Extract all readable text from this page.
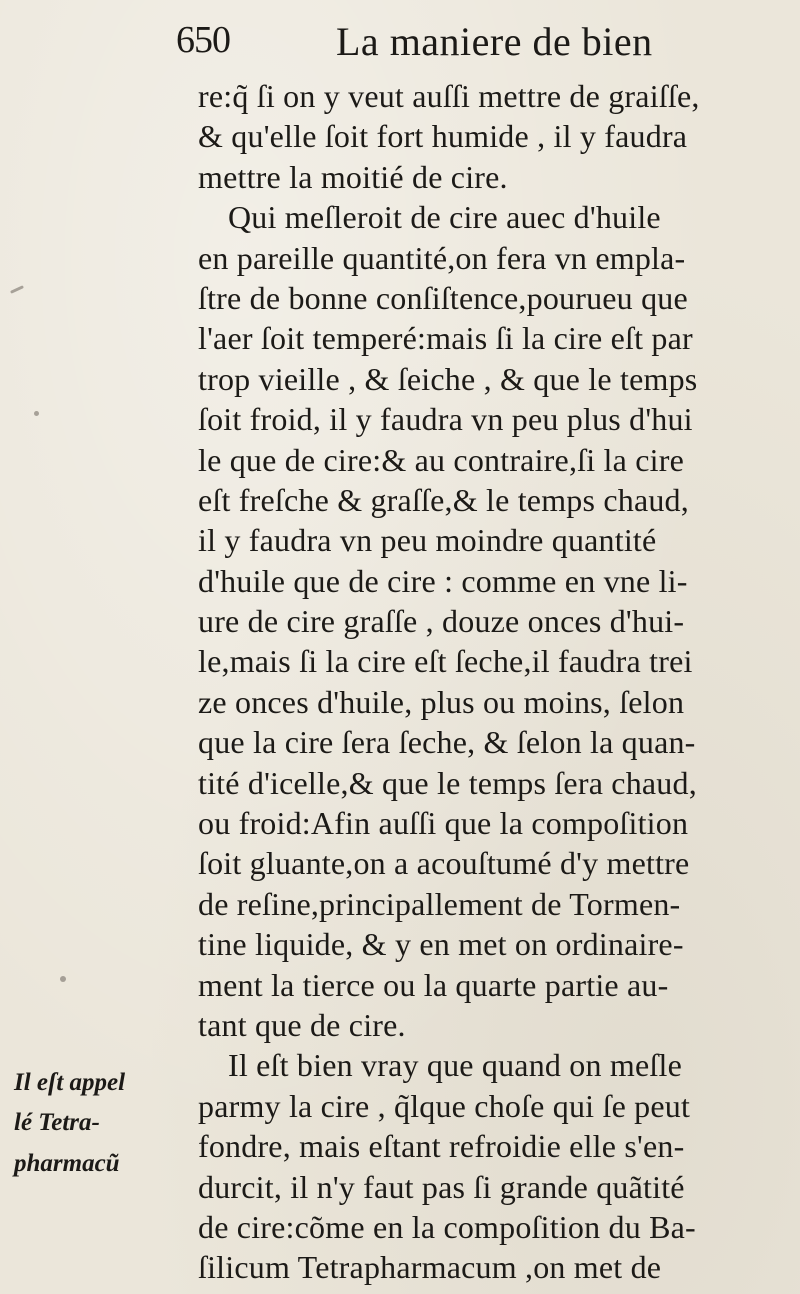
650	La maniere de bien
re:q̃ ſi on y veut auſſi mettre de graiſſe,
& qu'elle ſoit fort humide , il y faudra
mettre la moitié de cire.
Qui meſleroit de cire auec d'huile
en pareille quantité,on fera vn empla-
ſtre de bonne conſiſtence,pourueu que
l'aer ſoit temperé:mais ſi la cire eſt par
trop vieille , & ſeiche , & que le temps
ſoit froid, il y faudra vn peu plus d'hui
le que de cire:& au contraire,ſi la cire
eſt freſche & graſſe,& le temps chaud,
il y faudra vn peu moindre quantité
d'huile que de cire : comme en vne li-
ure de cire graſſe , douze onces d'hui-
le,mais ſi la cire eſt ſeche,il faudra trei
ze onces d'huile, plus ou moins, ſelon
que la cire ſera ſeche, & ſelon la quan-
tité d'icelle,& que le temps ſera chaud,
ou froid:Afin auſſi que la compoſition
ſoit gluante,on a acouſtumé d'y mettre
de reſine,principallement de Tormen-
tine liquide, & y en met on ordinaire-
ment la tierce ou la quarte partie au-
tant que de cire.
Il eſt bien vray que quand on meſle
parmy la cire , q̃lque choſe qui ſe peut
fondre, mais eſtant refroidie elle s'en-
durcit, il n'y faut pas ſi grande quãtité
de cire:cõme en la compoſition du Ba-
ſilicum Tetrapharmacum ,on met de
Il eſt appel
lé Tetra-
pharmacũ
